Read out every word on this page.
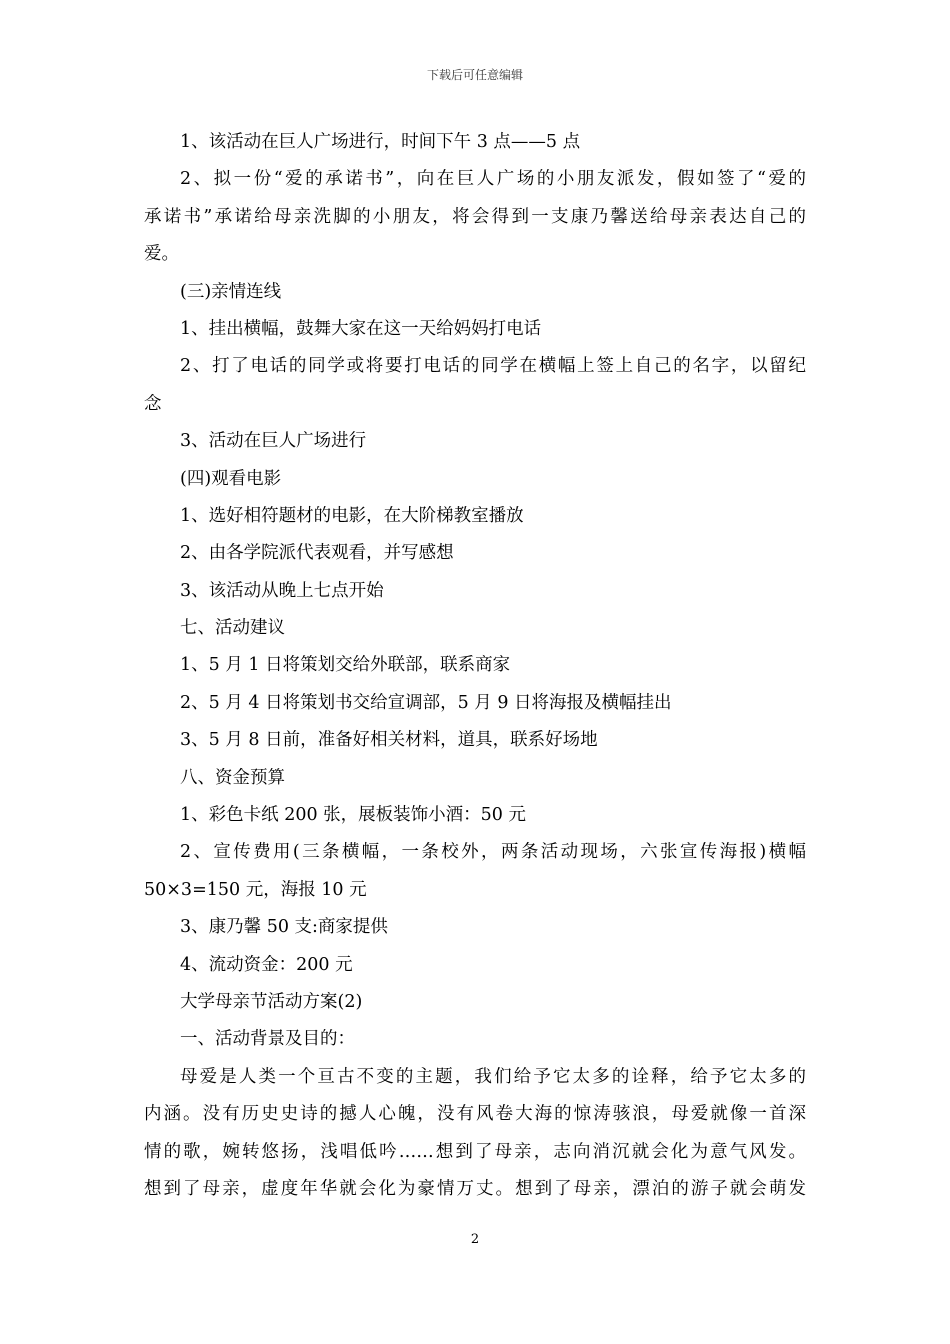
下载后可任意编辑
1、该活动在巨人广场进行，时间下午 3 点——5 点
2、拟一份“爱的承诺书”，向在巨人广场的小朋友派发，假如签了“爱的
承诺书”承诺给母亲洗脚的小朋友，将会得到一支康乃馨送给母亲表达自己的
爱。
(三)亲情连线
1、挂出横幅，鼓舞大家在这一天给妈妈打电话
2、打了电话的同学或将要打电话的同学在横幅上签上自己的名字，以留纪
念
3、活动在巨人广场进行
(四)观看电影
1、选好相符题材的电影，在大阶梯教室播放
2、由各学院派代表观看，并写感想
3、该活动从晚上七点开始
七、活动建议
1、5 月 1 日将策划交给外联部，联系商家
2、5 月 4 日将策划书交给宣调部，5 月 9 日将海报及横幅挂出
3、5 月 8 日前，准备好相关材料，道具，联系好场地
八、资金预算
1、彩色卡纸 200 张，展板装饰小酒：50 元
2、宣传费用(三条横幅，一条校外，两条活动现场，六张宣传海报)横幅
50×3=150 元，海报 10 元
3、康乃馨 50 支:商家提供
4、流动资金：200 元
大学母亲节活动方案(2)
一、活动背景及目的：
母爱是人类一个亘古不变的主题，我们给予它太多的诠释，给予它太多的
内涵。没有历史史诗的撼人心魄，没有风卷大海的惊涛骇浪，母爱就像一首深
情的歌，婉转悠扬，浅唱低吟……想到了母亲，志向消沉就会化为意气风发。
想到了母亲，虚度年华就会化为豪情万丈。想到了母亲，漂泊的游子就会萌发
2
